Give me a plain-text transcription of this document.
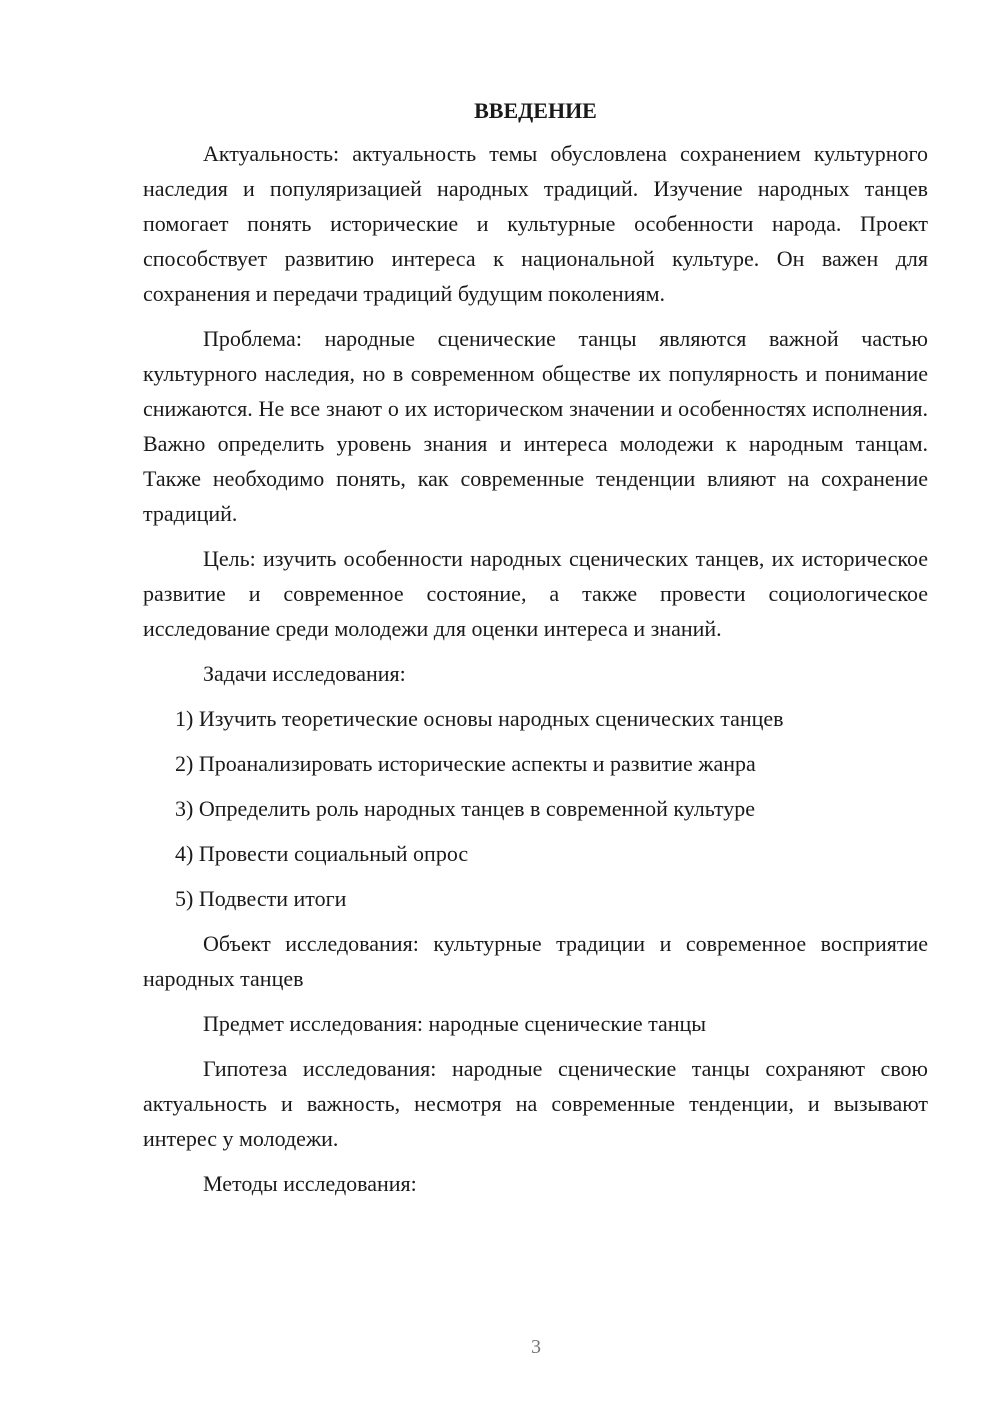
ВВЕДЕНИЕ

Актуальность: актуальность темы обусловлена сохранением культурного наследия и популяризацией народных традиций. Изучение народных танцев помогает понять исторические и культурные особенности народа. Проект способствует развитию интереса к национальной культуре. Он важен для сохранения и передачи традиций будущим поколениям.

Проблема: народные сценические танцы являются важной частью культурного наследия, но в современном обществе их популярность и понимание снижаются. Не все знают о их историческом значении и особенностях исполнения. Важно определить уровень знания и интереса молодежи к народным танцам. Также необходимо понять, как современные тенденции влияют на сохранение традиций.

Цель: изучить особенности народных сценических танцев, их историческое развитие и современное состояние, а также провести социологическое исследование среди молодежи для оценки интереса и знаний.

Задачи исследования:

1) Изучить теоретические основы народных сценических танцев
2) Проанализировать исторические аспекты и развитие жанра
3) Определить роль народных танцев в современной культуре
4) Провести социальный опрос
5) Подвести итоги

Объект исследования: культурные традиции и современное восприятие народных танцев

Предмет исследования: народные сценические танцы

Гипотеза исследования: народные сценические танцы сохраняют свою актуальность и важность, несмотря на современные тенденции, и вызывают интерес у молодежи.

Методы исследования:

3
